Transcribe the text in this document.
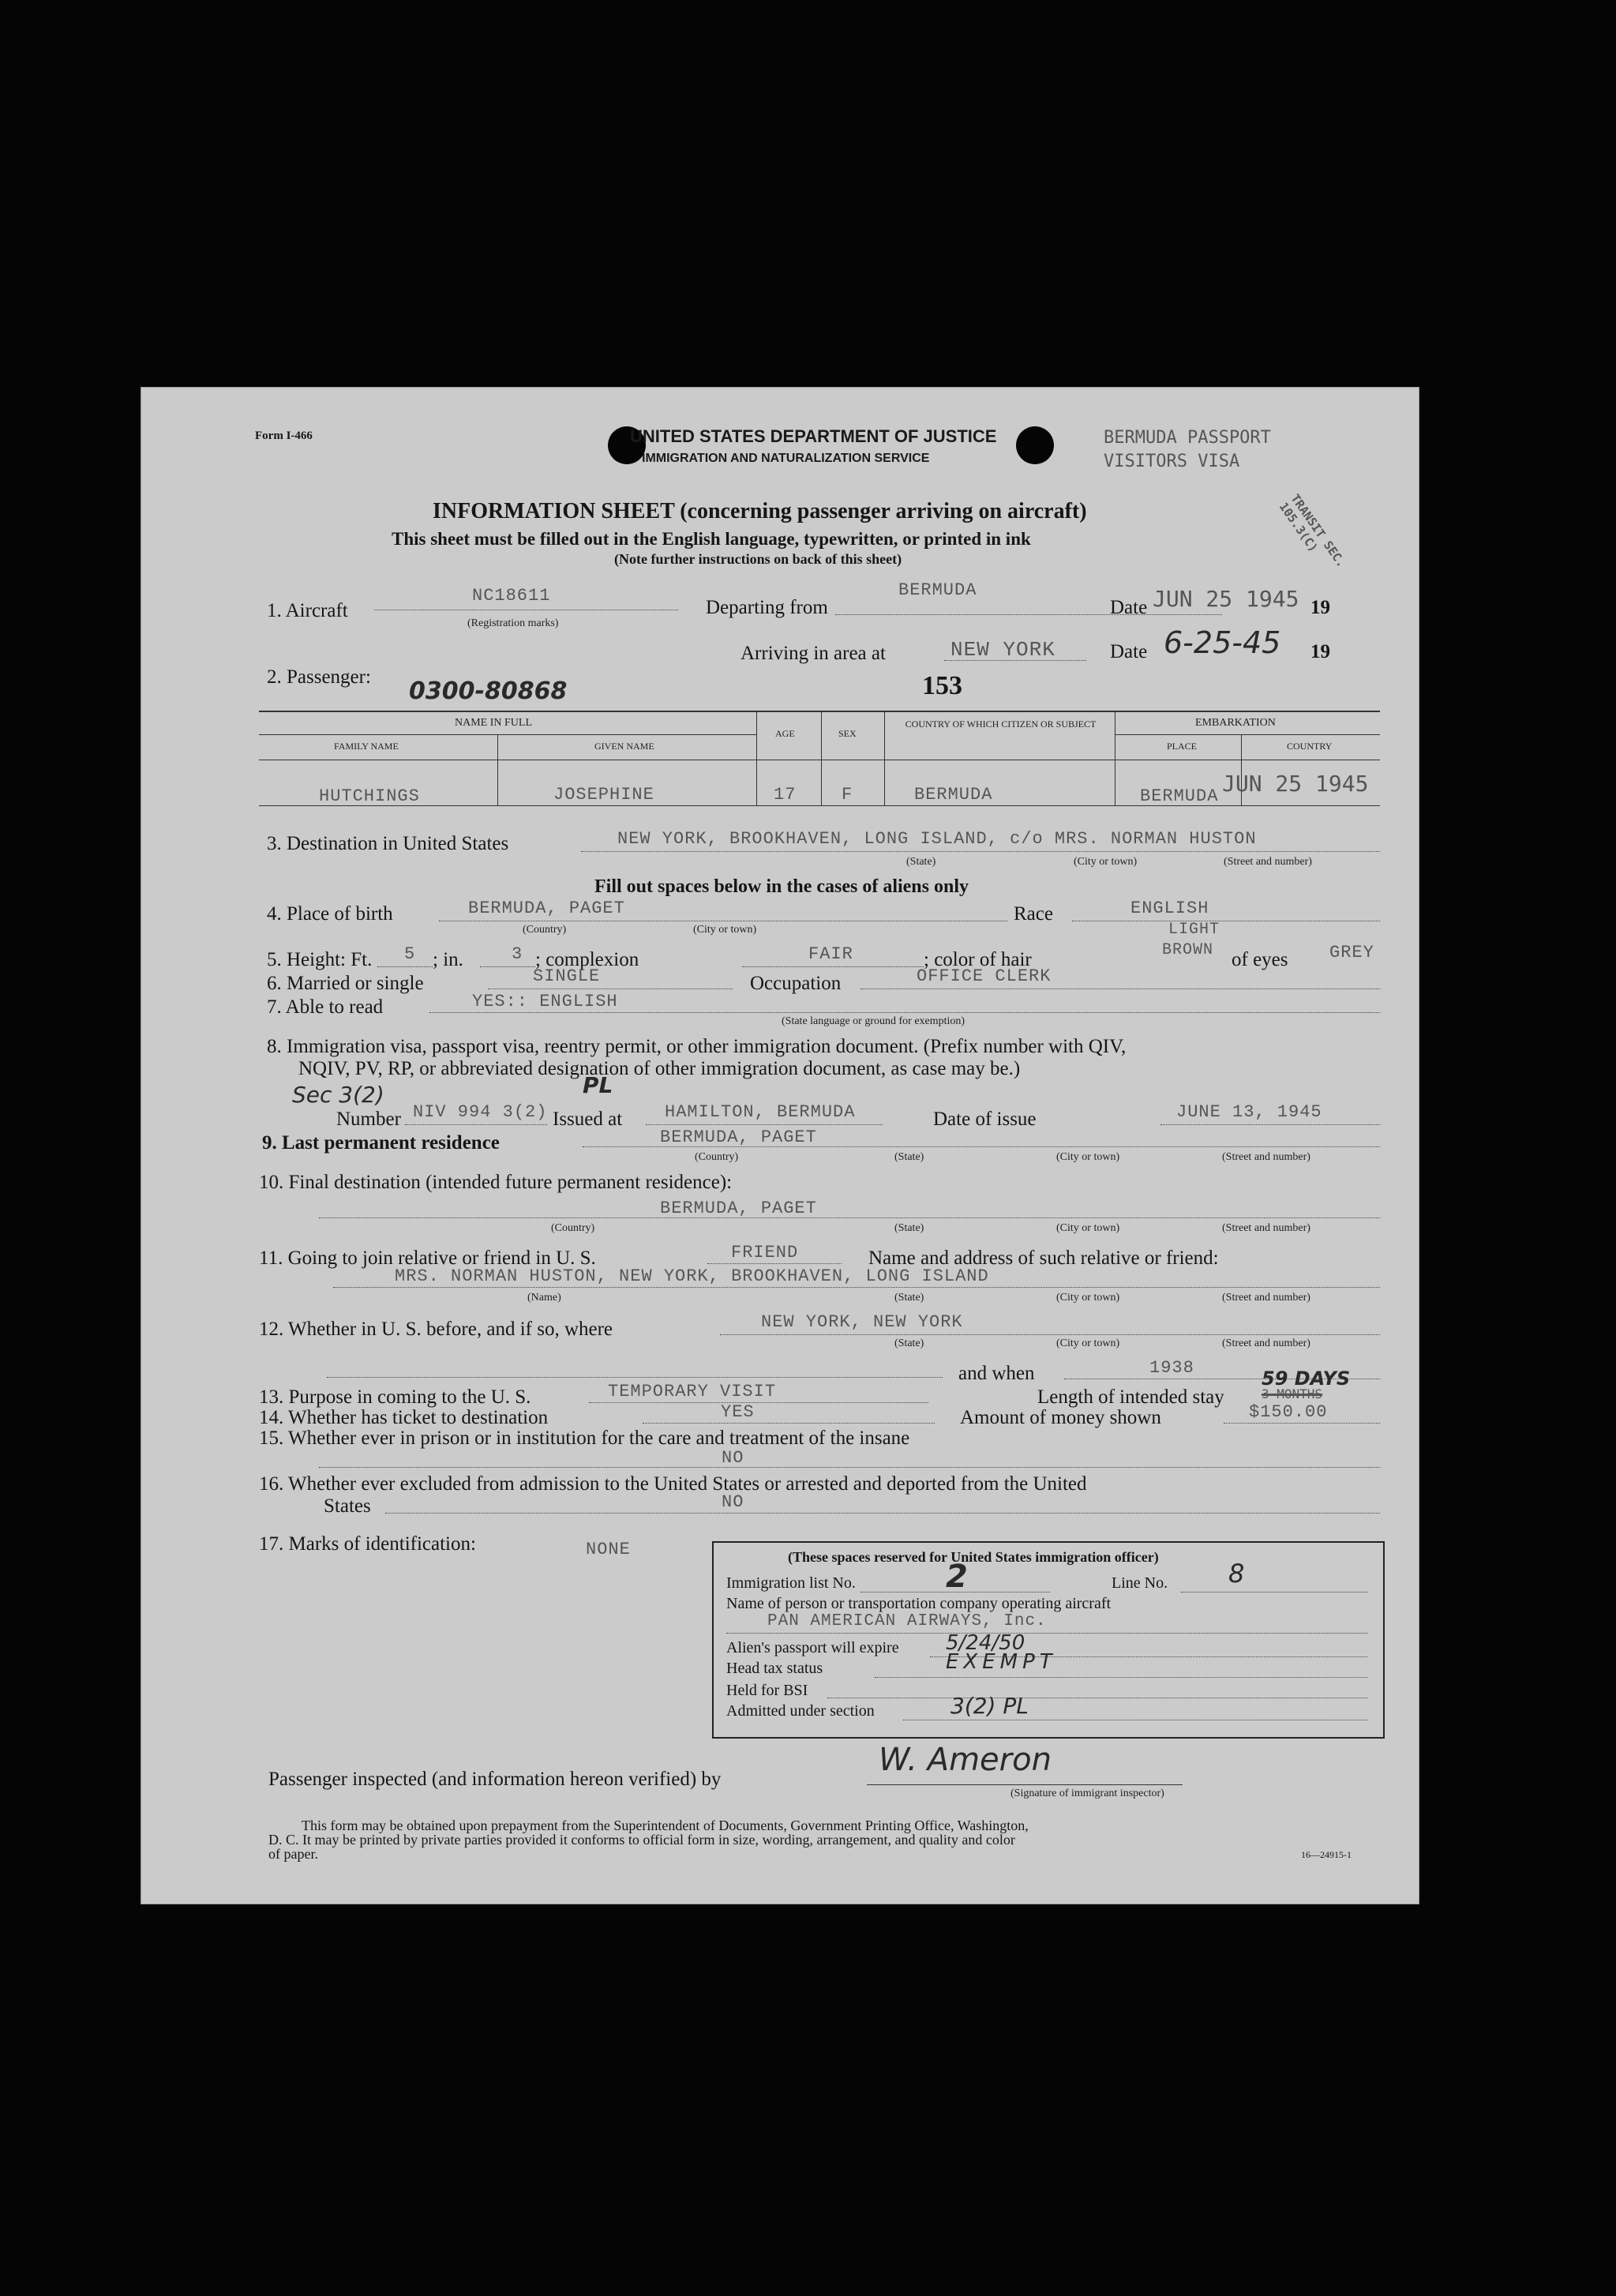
Form I-466	UNITED STATES DEPARTMENT OF JUSTICE
IMMIGRATION AND NATURALIZATION SERVICE
BERMUDA PASSPORT
VISITORS VISA
INFORMATION SHEET (concerning passenger arriving on aircraft)
This sheet must be filled out in the English language, typewritten, or printed in ink
(Note further instructions on back of this sheet)	TRANSIT SEC. 105.3(C)
1. Aircraft
NC18611
(Registration marks)
Departing from
BERMUDA
Date JUN 25 1945 19
Arriving in area at	NEW YORK	Date 6-25-45 19
2. Passenger:
0300-80868	153
NAME IN FULL
FAMILY NAME	GIVEN NAME
AGE	SEX
COUNTRY OF WHICH CITIZEN OR SUBJECT	EMBARKATION
PLACE	COUNTRY
HUTCHINGS	JOSEPHINE	17	F	BERMUDA	BERMUDA JUN 25 1945
3. Destination in United States	NEW YORK, BROOKHAVEN, LONG ISLAND, c/o MRS. NORMAN HUSTON
(State)	(City or town)	(Street and number)
Fill out spaces below in the cases of aliens only
4. Place of birth	BERMUDA, PAGET
(Country)	(City or town)
Race	ENGLISH
5. Height: Ft. 5 ; in.	3 ; complexion	FAIR	; color of hair
LIGHT
BROWN of eyes GREY
6. Married or single	SINGLE	Occupation	OFFICE CLERK
7. Able to read	YES:: ENGLISH
(State language or ground for exemption)
8. Immigration visa, passport visa, reentry permit, or other immigration document. (Prefix number with QIV,
NQIV, PV, RP, or abbreviated designation of other immigration document, as case may be.)
Sec 3(2)	PL
Number NIV 994 3(2) Issued at HAMILTON, BERMUDA	Date of issue	JUNE 13, 1945
9. Last permanent residence	BERMUDA, PAGET
(Country)	(State)	(City or town)	(Street and number)
10. Final destination (intended future permanent residence):
BERMUDA, PAGET
(Country)	(State)	(City or town)	(Street and number)
11. Going to join relative or friend in U. S.	FRIEND	Name and address of such relative or friend:
MRS. NORMAN HUSTON, NEW YORK, BROOKHAVEN, LONG ISLAND
(Name)	(State)	(City or town)	(Street and number)
12. Whether in U. S. before, and if so, where	NEW YORK, NEW YORK
(State)	(City or town)	(Street and number)
and when	1938
13. Purpose in coming to the U. S.	TEMPORARY VISIT	Length of intended stay
59 DAYS
3 MONTHS
14. Whether has ticket to destination	YES	Amount of money shown	$150.00
15. Whether ever in prison or in institution for the care and treatment of the insane
NO
16. Whether ever excluded from admission to the United States or arrested and deported from the United
States	NO
17. Marks of identification:	NONE	(These spaces reserved for United States immigration officer)
Immigration list No.	2	Line No. 8
Name of person or transportation company operating aircraft
PAN AMERICAN AIRWAYS, Inc.
Alien's passport will expire 5/24/50
Head tax status	EXEMPT
Held for BSI
Admitted under section	3(2) PL
Passenger inspected (and information hereon verified) by
W. Ameron
(Signature of immigrant inspector)
This form may be obtained upon prepayment from the Superintendent of Documents, Government Printing Office, Washington,
D. C. It may be printed by private parties provided it conforms to official form in size, wording, arrangement, and quality and color
of paper.	16—24915-1
